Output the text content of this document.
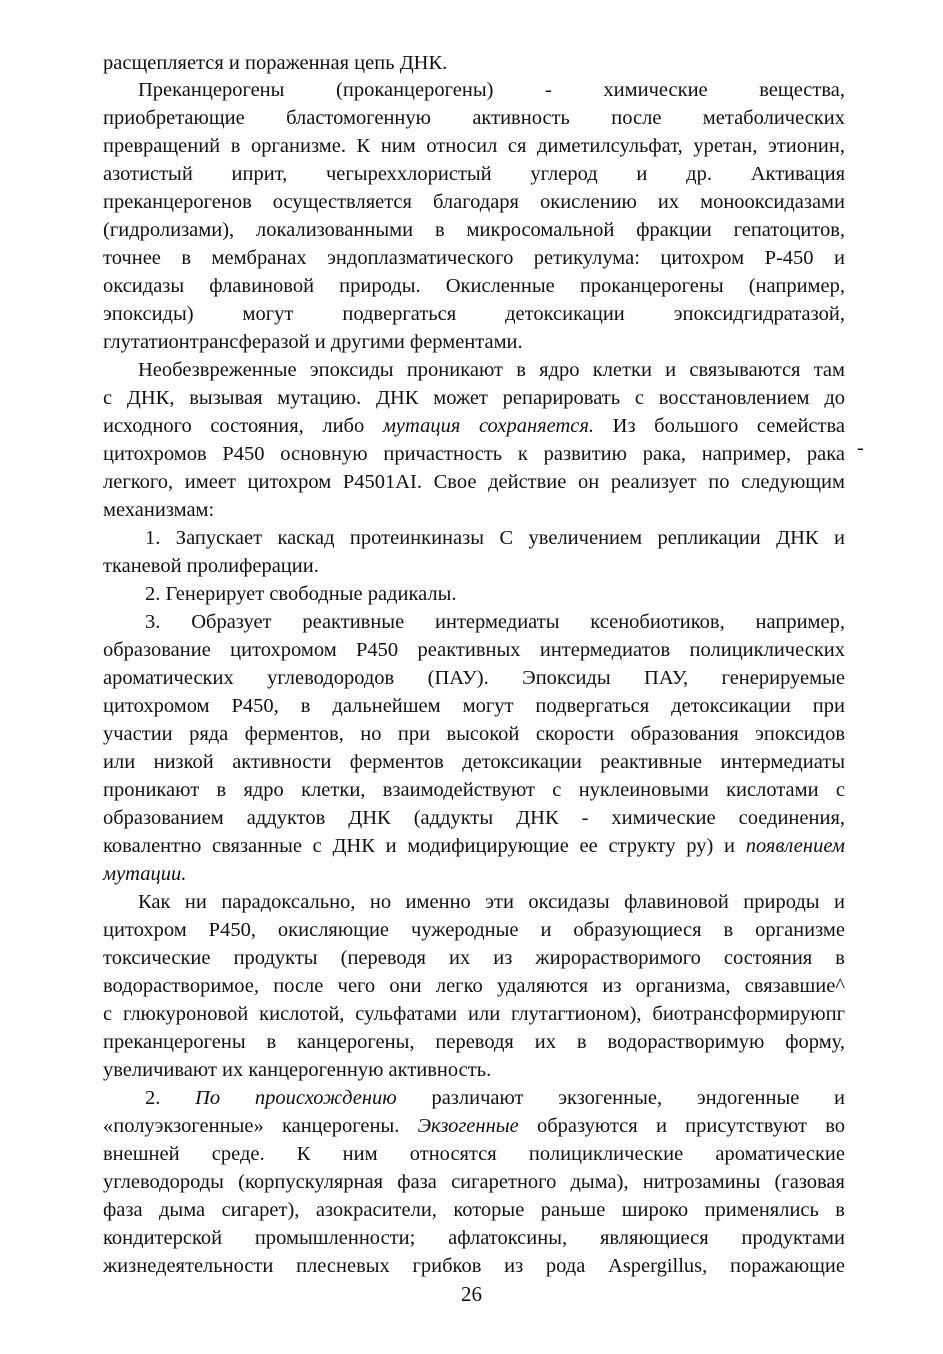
расщепляется и пораженная цепь ДНК.
Преканцерогены (проканцерогены) - химические вещества,
приобретающие бластомогенную активность после метаболических
превращений в организме. К ним относил ся диметилсульфат, уретан, этионин,
азотистый иприт, чегыреххлористый углерод и др. Активация
преканцерогенов осуществляется благодаря окислению их монооксидазами
(гидролизами), локализованными в микросомальной фракции гепатоцитов,
точнее в мембранах эндоплазматического ретикулума: цитохром Р-450 и
оксидазы флавиновой природы. Окисленные проканцерогены (например,
эпоксиды) могут подвергаться детоксикации эпоксидгидратазой,
глутатионтрансферазой и другими ферментами.
Необезвреженные эпоксиды проникают в ядро клетки и связываются там
с ДНК, вызывая мутацию. ДНК может репарировать с восстановлением до
исходного состояния, либо мутация сохраняется. Из большого семейства
цитохромов Р450 основную причастность к развитию рака, например, рака
легкого, имеет цитохром Р4501AI. Свое действие он реализует по следующим
механизмам:
1. Запускает каскад протеинкиназы С увеличением репликации ДНК и
тканевой пролиферации.
2. Генерирует свободные радикалы.
3. Образует реактивные интермедиаты ксенобиотиков, например,
образование цитохромом Р450 реактивных интермедиатов полициклических
ароматических углеводородов (ПАУ). Эпоксиды ПАУ, генерируемые
цитохромом Р450, в дальнейшем могут подвергаться детоксикации при
участии ряда ферментов, но при высокой скорости образования эпоксидов
или низкой активности ферментов детоксикации реактивные интермедиаты
проникают в ядро клетки, взаимодействуют с нуклеиновыми кислотами с
образованием аддуктов ДНК (аддукты ДНК - химические соединения,
ковалентно связанные с ДНК и модифицирующие ее структу ру) и появлением
мутации.
Как ни парадоксально, но именно эти оксидазы флавиновой природы и
цитохром Р450, окисляющие чужеродные и образующиеся в организме
токсические продукты (переводя их из жирорастворимого состояния в
водорастворимое, после чего они легко удаляются из организма, связавшие^
с глюкуроновой кислотой, сульфатами или глутагтионом), биотрансформируюпг
преканцерогены в канцерогены, переводя их в водорастворимую форму,
увеличивают их канцерогенную активность.
2. По происхождению различают экзогенные, эндогенные и
«полуэкзогенные» канцерогены. Экзогенные образуются и присутствуют во
внешней среде. К ним относятся полициклические ароматические
углеводороды (корпускулярная фаза сигаретного дыма), нитрозамины (газовая
фаза дыма сигарет), азокрасители, которые раньше широко применялись в
кондитерской промышленности; афлатоксины, являющиеся продуктами
жизнедеятельности плесневых грибков из рода Aspergillus, поражающие
-
26
